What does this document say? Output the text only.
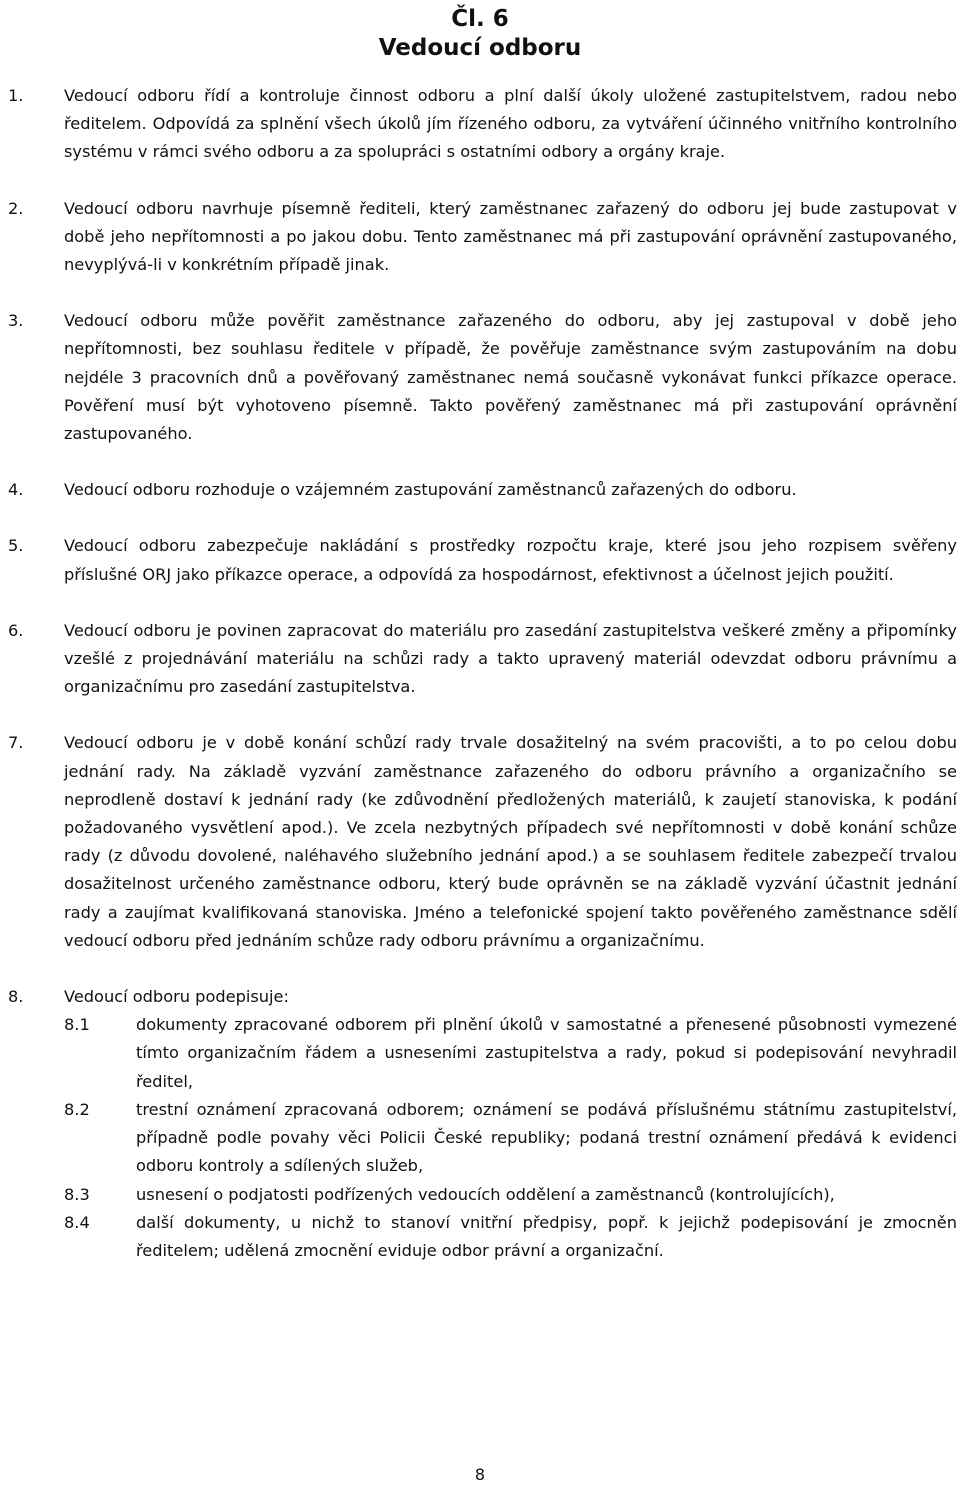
Čl. 6
Vedoucí odboru
1.	Vedoucí odboru řídí a kontroluje činnost odboru a plní další úkoly uložené zastupitelstvem, radou nebo ředitelem. Odpovídá za splnění všech úkolů jím řízeného odboru, za vytváření účinného vnitřního kontrolního systému v rámci svého odboru a za spolupráci s ostatními odbory a orgány kraje.
2.	Vedoucí odboru navrhuje písemně řediteli, který zaměstnanec zařazený do odboru jej bude zastupovat v době jeho nepřítomnosti a po jakou dobu. Tento zaměstnanec má při zastupování oprávnění zastupovaného, nevyplývá-li v konkrétním případě jinak.
3.	Vedoucí odboru může pověřit zaměstnance zařazeného do odboru, aby jej zastupoval v době jeho nepřítomnosti, bez souhlasu ředitele v případě, že pověřuje zaměstnance svým zastupováním na dobu nejdéle 3 pracovních dnů a pověřovaný zaměstnanec nemá současně vykonávat funkci příkazce operace. Pověření musí být vyhotoveno písemně. Takto pověřený zaměstnanec má při zastupování oprávnění zastupovaného.
4.	Vedoucí odboru rozhoduje o vzájemném zastupování zaměstnanců zařazených do odboru.
5.	Vedoucí odboru zabezpečuje nakládání s prostředky rozpočtu kraje, které jsou jeho rozpisem svěřeny příslušné ORJ jako příkazce operace, a odpovídá za hospodárnost, efektivnost a účelnost jejich použití.
6.	Vedoucí odboru je povinen zapracovat do materiálu pro zasedání zastupitelstva veškeré změny a připomínky vzešlé z projednávání materiálu na schůzi rady a takto upravený materiál odevzdat odboru právnímu a organizačnímu pro zasedání zastupitelstva.
7.	Vedoucí odboru je v době konání schůzí rady trvale dosažitelný na svém pracovišti, a to po celou dobu jednání rady. Na základě vyzvání zaměstnance zařazeného do odboru právního a organizačního se neprodleně dostaví k jednání rady (ke zdůvodnění předložených materiálů, k zaujetí stanoviska, k podání požadovaného vysvětlení apod.). Ve zcela nezbytných případech své nepřítomnosti v době konání schůze rady (z důvodu dovolené, naléhavého služebního jednání apod.) a se souhlasem ředitele zabezpečí trvalou dosažitelnost určeného zaměstnance odboru, který bude oprávněn se na základě vyzvání účastnit jednání rady a zaujímat kvalifikovaná stanoviska. Jméno a telefonické spojení takto pověřeného zaměstnance sdělí vedoucí odboru před jednáním schůze rady odboru právnímu a organizačnímu.
8.	Vedoucí odboru podepisuje:
8.1	dokumenty zpracované odborem při plnění úkolů v samostatné a přenesené působnosti vymezené tímto organizačním řádem a usneseními zastupitelstva a rady, pokud si podepisování nevyhradil ředitel,
8.2	trestní oznámení zpracovaná odborem; oznámení se podává příslušnému státnímu zastupitelství, případně podle povahy věci Policii České republiky; podaná trestní oznámení předává k evidenci odboru kontroly a sdílených služeb,
8.3	usnesení o podjatosti podřízených vedoucích oddělení a zaměstnanců (kontrolujících),
8.4	další dokumenty, u nichž to stanoví vnitřní předpisy, popř. k jejichž podepisování je zmocněn ředitelem; udělená zmocnění eviduje odbor právní a organizační.
8
